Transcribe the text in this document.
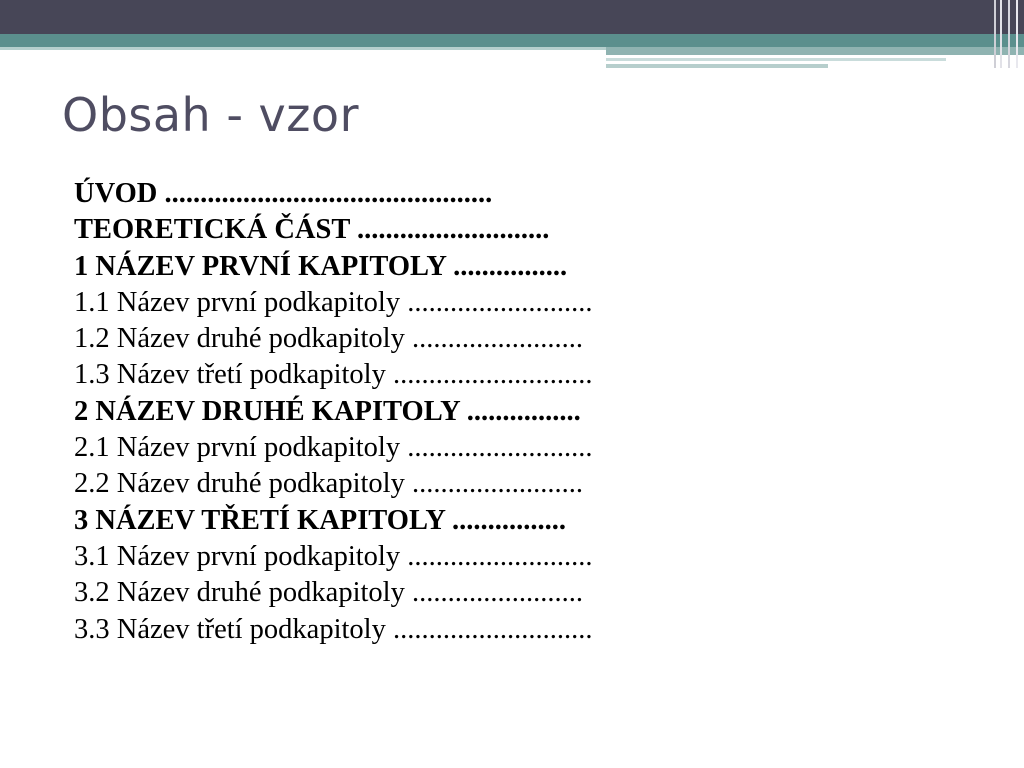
Obsah - vzor
ÚVOD ..............................................
TEORETICKÁ ČÁST ...........................
1 NÁZEV PRVNÍ KAPITOLY ................
1.1 Název první podkapitoly ..........................
1.2 Název druhé podkapitoly ........................
1.3 Název třetí podkapitoly ............................
2 NÁZEV DRUHÉ KAPITOLY ................
2.1 Název první podkapitoly ..........................
2.2 Název druhé podkapitoly ........................
3 NÁZEV TŘETÍ KAPITOLY ................
3.1 Název první podkapitoly ..........................
3.2 Název druhé podkapitoly ........................
3.3 Název třetí podkapitoly ............................
